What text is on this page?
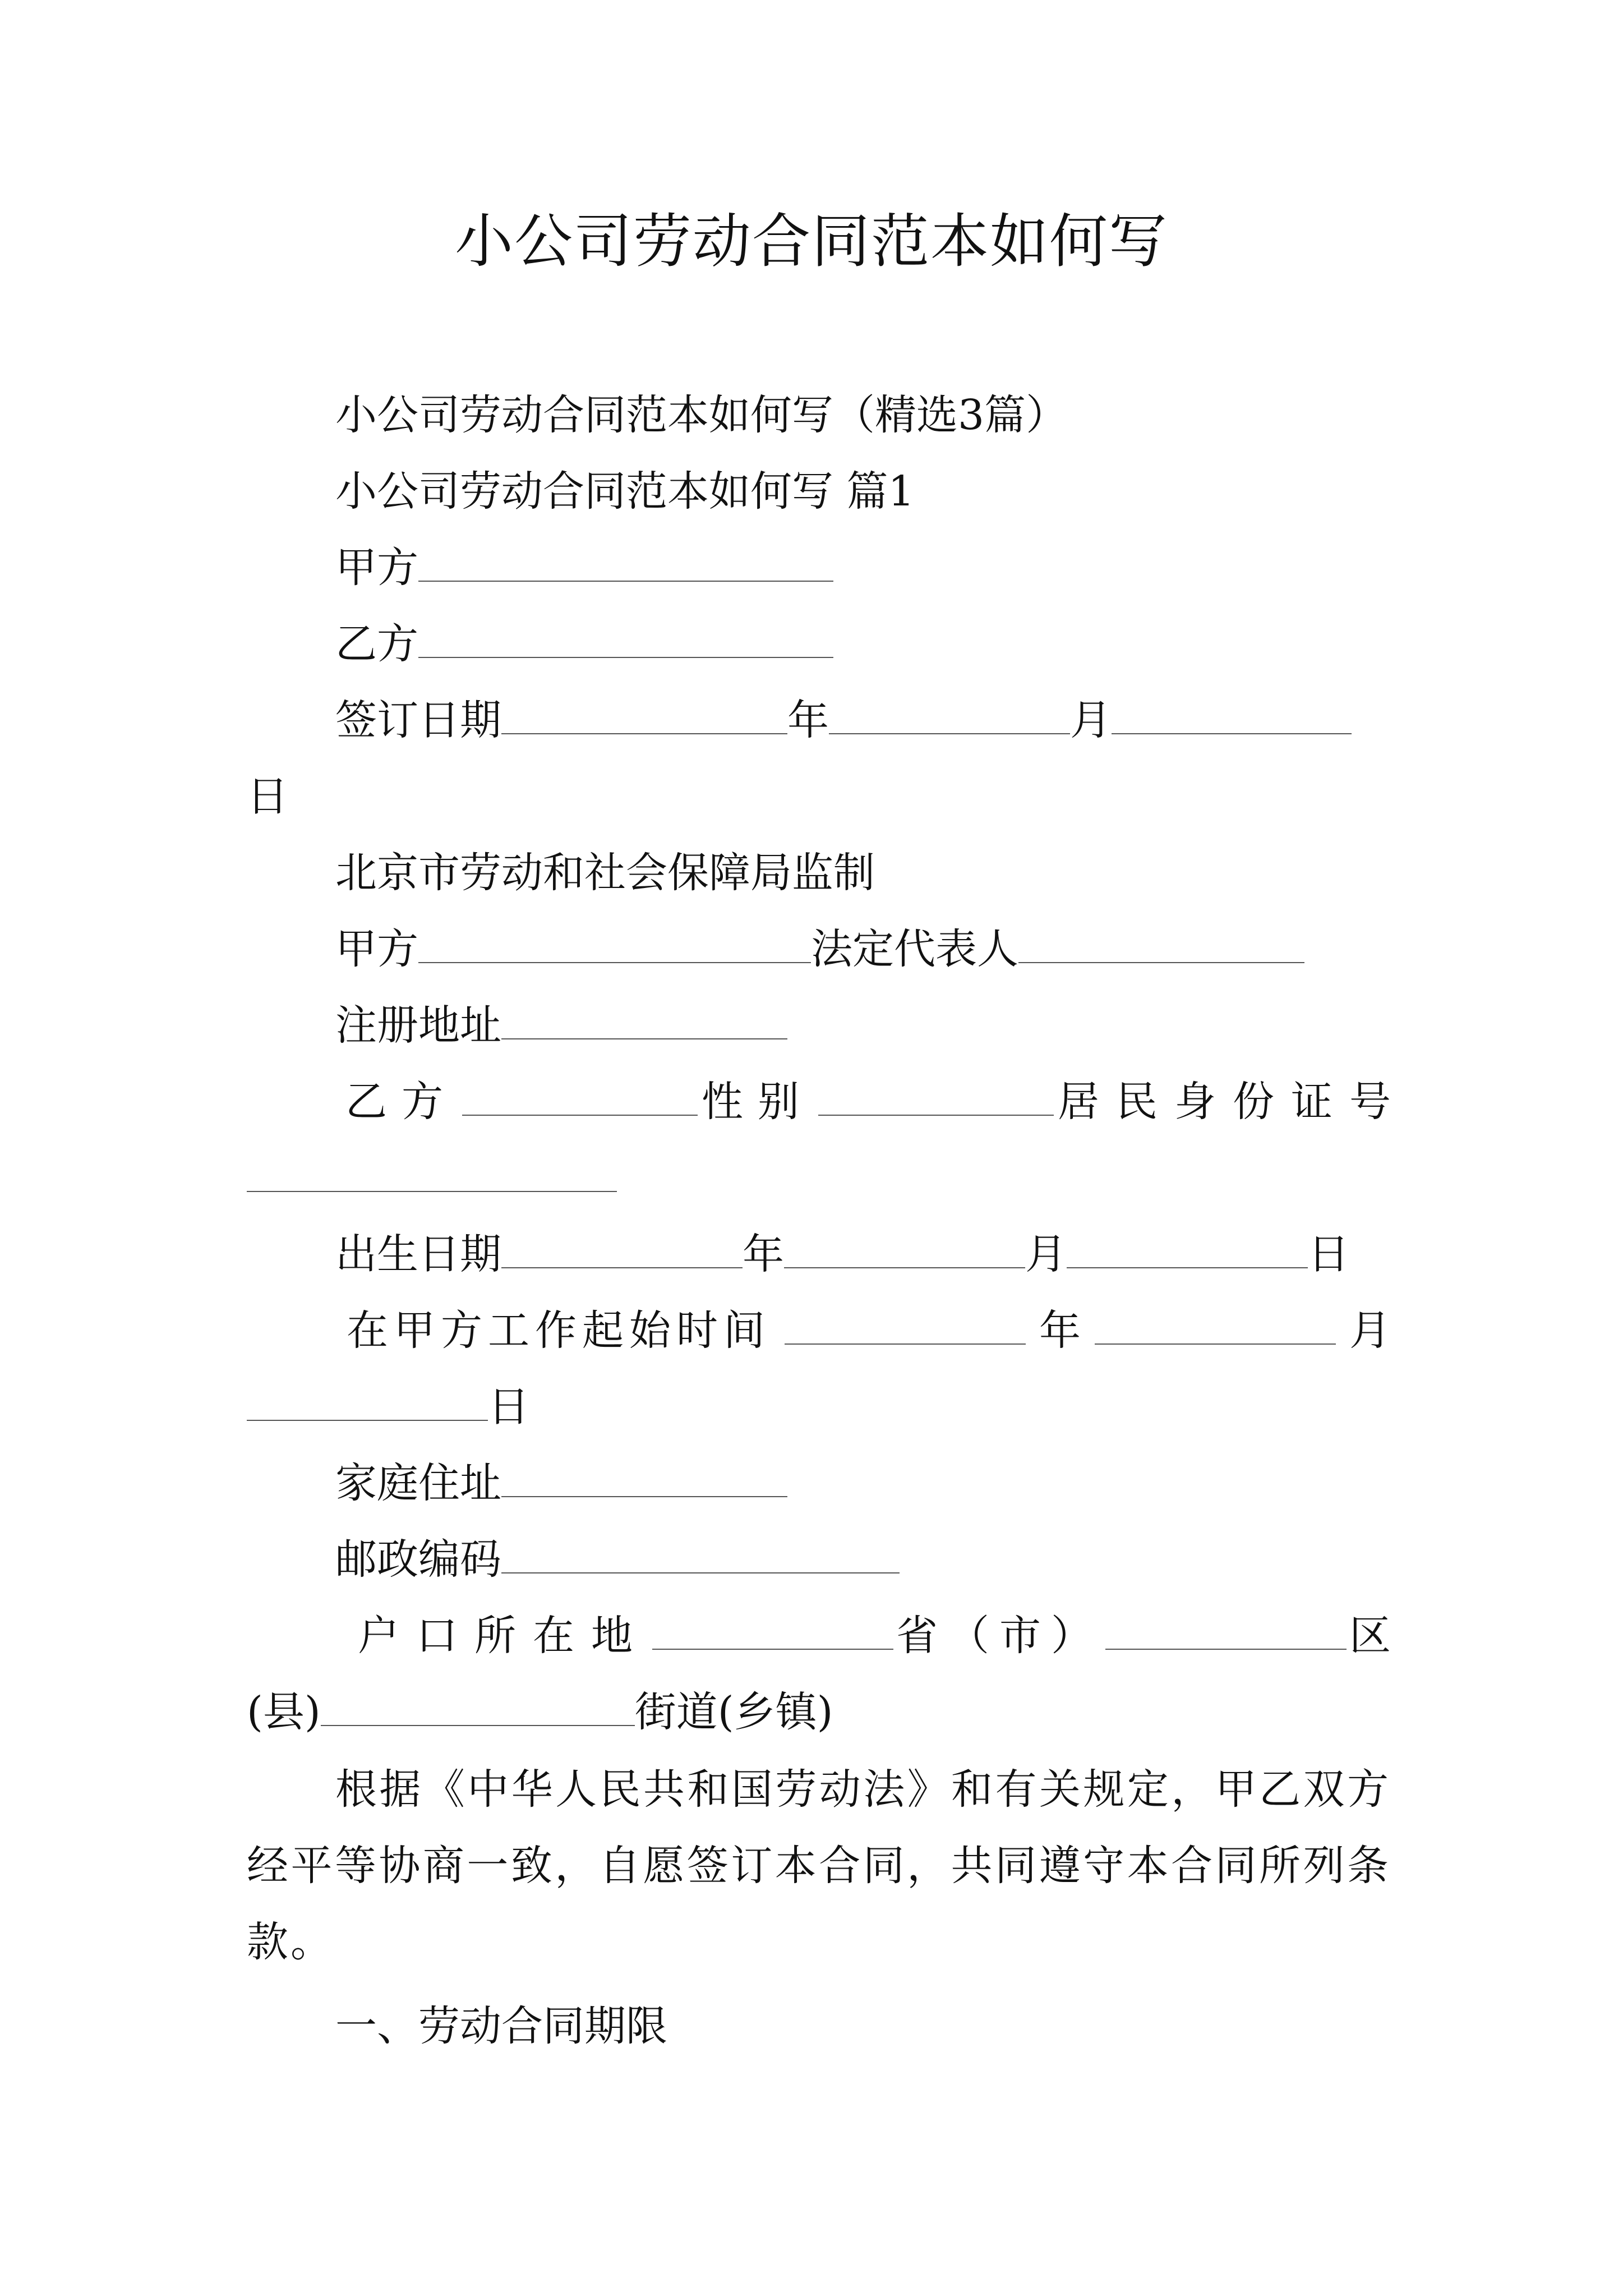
小公司劳动合同范本如何写
小公司劳动合同范本如何写（精选3篇）
小公司劳动合同范本如何写 篇1
甲方
乙方
签订日期	年	月
日
北京市劳动和社会保障局监制
甲方	法定代表人
注册地址
乙方	性别	居民身份证号
出生日期	年	月	日
在甲方工作起始时间	年	月
日
家庭住址
邮政编码
户口所在地	省（市）	区
(县)	街道(乡镇)
根据《中华人民共和国劳动法》和有关规定，甲乙双方经平等协商一致，自愿签订本合同，共同遵守本合同所列条款。
一、劳动合同期限
